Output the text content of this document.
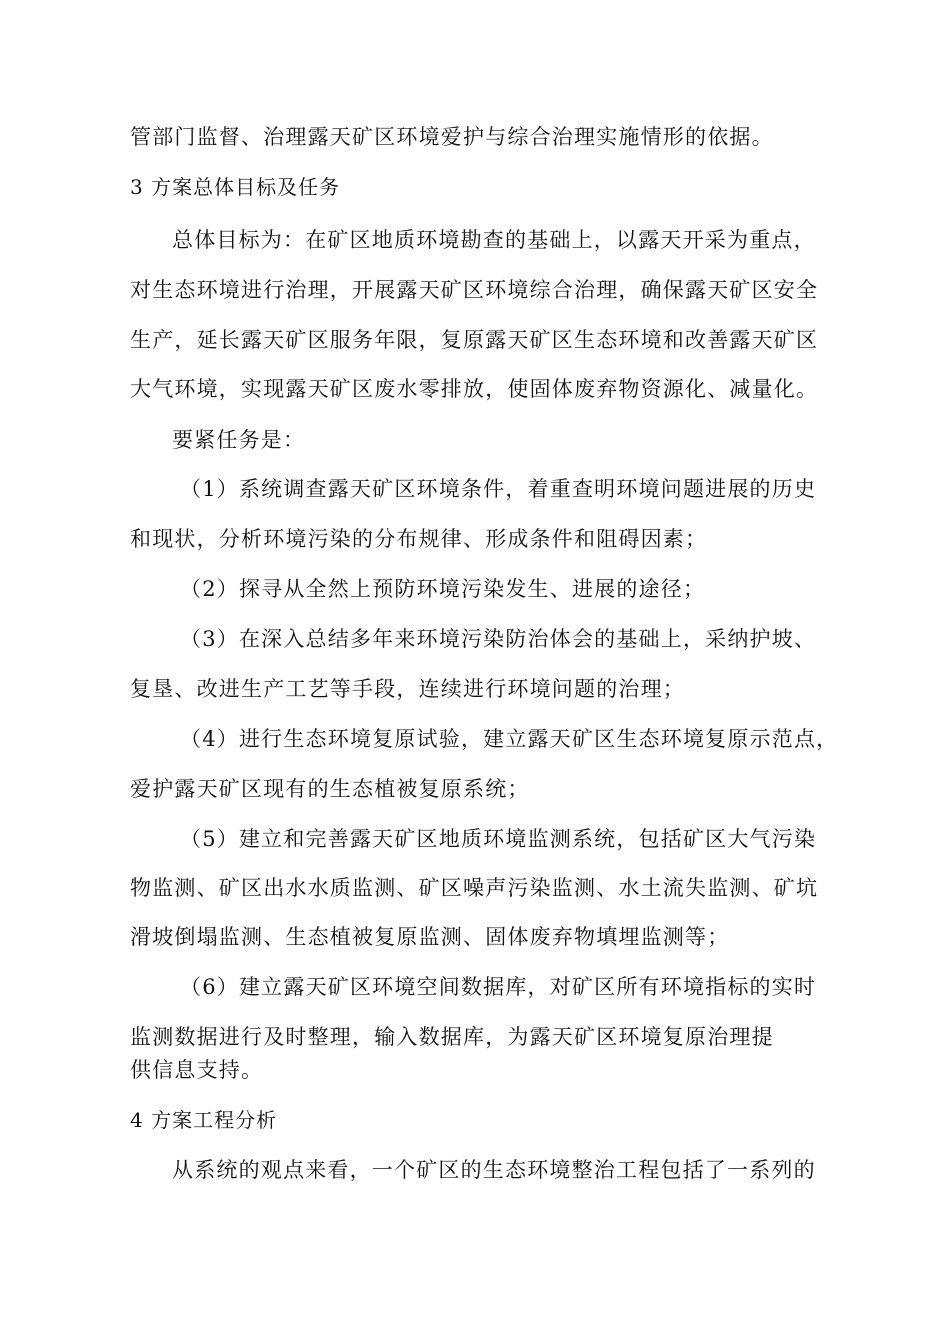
管部门监督、治理露天矿区环境爱护与综合治理实施情形的依据。
3 方案总体目标及任务
总体目标为：在矿区地质环境勘查的基础上，以露天开采为重点，
对生态环境进行治理，开展露天矿区环境综合治理，确保露天矿区安全
生产，延长露天矿区服务年限，复原露天矿区生态环境和改善露天矿区
大气环境，实现露天矿区废水零排放，使固体废弃物资源化、减量化。
要紧任务是：
（1）系统调查露天矿区环境条件，着重查明环境问题进展的历史
和现状，分析环境污染的分布规律、形成条件和阻碍因素；
（2）探寻从全然上预防环境污染发生、进展的途径；
（3）在深入总结多年来环境污染防治体会的基础上，采纳护坡、
复垦、改进生产工艺等手段，连续进行环境问题的治理；
（4）进行生态环境复原试验，建立露天矿区生态环境复原示范点，
爱护露天矿区现有的生态植被复原系统；
（5）建立和完善露天矿区地质环境监测系统，包括矿区大气污染
物监测、矿区出水水质监测、矿区噪声污染监测、水土流失监测、矿坑
滑坡倒塌监测、生态植被复原监测、固体废弃物填埋监测等；
（6）建立露天矿区环境空间数据库，对矿区所有环境指标的实时
监测数据进行及时整理，输入数据库，为露天矿区环境复原治理提
供信息支持。
4 方案工程分析
从系统的观点来看，一个矿区的生态环境整治工程包括了一系列的
